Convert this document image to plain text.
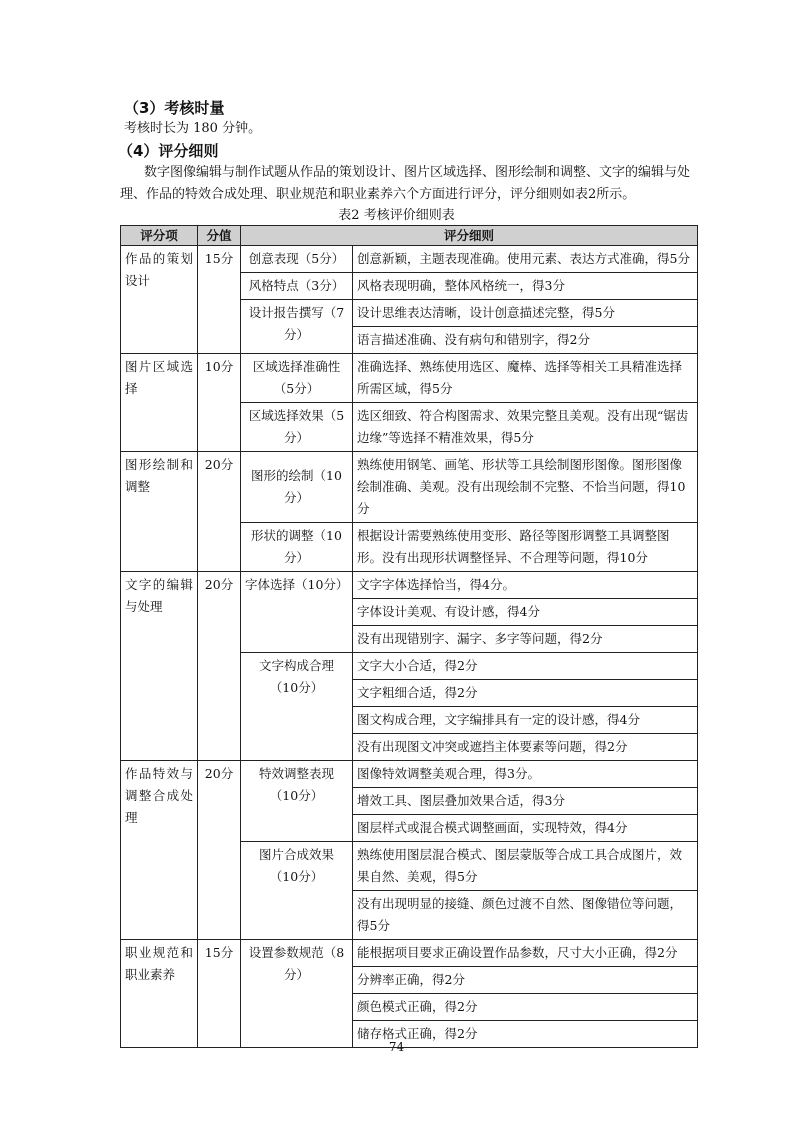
（3）考核时量
考核时长为 180 分钟。
（4）评分细则
数字图像编辑与制作试题从作品的策划设计、图片区域选择、图形绘制和调整、文字的编辑与处
理、作品的特效合成处理、职业规范和职业素养六个方面进行评分，评分细则如表2所示。
表2 考核评价细则表
评分项	分值	评分细则	
作品的策划设计	15分	创意表现（5分）	创意新颖，主题表现准确。使用元素、表达方式准确，得5分
		风格特点（3分）	风格表现明确，整体风格统一，得3分
		设计报告撰写（7分）	设计思维表达清晰，设计创意描述完整，得5分
			语言描述准确、没有病句和错别字，得2分
图片区域选择	10分	区域选择准确性（5分）	准确选择、熟练使用选区、魔棒、选择等相关工具精准选择所需区域，得5分
		区域选择效果（5分）	选区细致、符合构图需求、效果完整且美观。没有出现“锯齿边缘”等选择不精准效果，得5分
图形绘制和调整	20分	图形的绘制（10分）	熟练使用钢笔、画笔、形状等工具绘制图形图像。图形图像绘制准确、美观。没有出现绘制不完整、不恰当问题，得10分
		形状的调整（10分）	根据设计需要熟练使用变形、路径等图形调整工具调整图形。没有出现形状调整怪异、不合理等问题，得10分
文字的编辑与处理	20分	字体选择（10分）	文字字体选择恰当，得4分。
			字体设计美观、有设计感，得4分
			没有出现错别字、漏字、多字等问题，得2分
		文字构成合理（10分）	文字大小合适，得2分
			文字粗细合适，得2分
			图文构成合理，文字编排具有一定的设计感，得4分
			没有出现图文冲突或遮挡主体要素等问题，得2分
作品特效与调整合成处理	20分	特效调整表现（10分）	图像特效调整美观合理，得3分。
			增效工具、图层叠加效果合适，得3分
			图层样式或混合模式调整画面，实现特效，得4分
		图片合成效果（10分）	熟练使用图层混合模式、图层蒙版等合成工具合成图片，效果自然、美观，得5分
			没有出现明显的接缝、颜色过渡不自然、图像错位等问题，得5分
职业规范和职业素养	15分	设置参数规范（8分）	能根据项目要求正确设置作品参数，尺寸大小正确，得2分
			分辨率正确，得2分
			颜色模式正确，得2分
			储存格式正确，得2分
74
